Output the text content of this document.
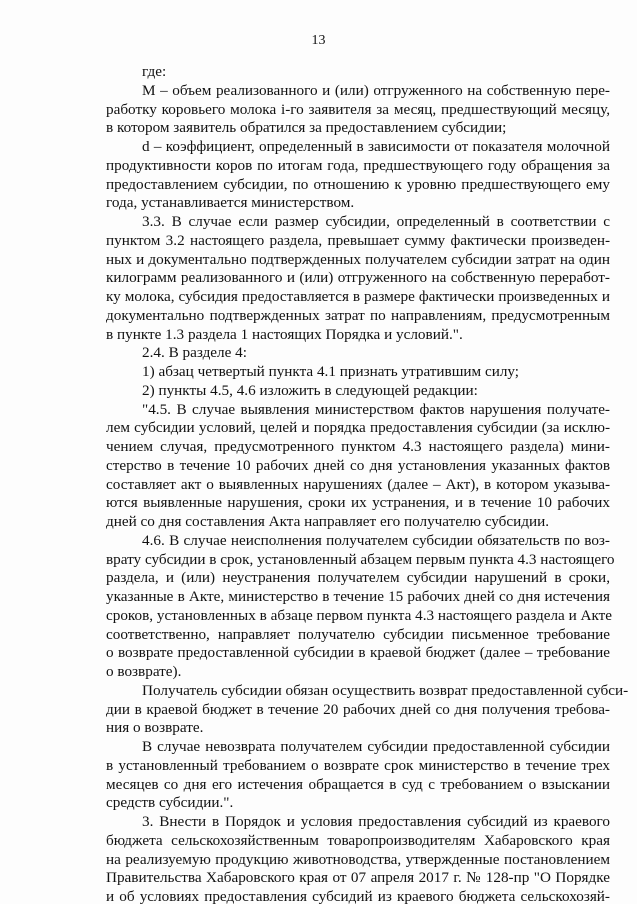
13
где:
M – объем реализованного и (или) отгруженного на собственную пере-
работку коровьего молока i-го заявителя за месяц, предшествующий месяцу,
в котором заявитель обратился за предоставлением субсидии;
d – коэффициент, определенный в зависимости от показателя молочной
продуктивности коров по итогам года, предшествующего году обращения за
предоставлением субсидии, по отношению к уровню предшествующего ему
года, устанавливается министерством.
3.3. В случае если размер субсидии, определенный в соответствии с
пунктом 3.2 настоящего раздела, превышает сумму фактически произведен-
ных и документально подтвержденных получателем субсидии затрат на один
килограмм реализованного и (или) отгруженного на собственную переработ-
ку молока, субсидия предоставляется в размере фактически произведенных и
документально подтвержденных затрат по направлениям, предусмотренным
в пункте 1.3 раздела 1 настоящих Порядка и условий.".
2.4. В разделе 4:
1) абзац четвертый пункта 4.1 признать утратившим силу;
2) пункты 4.5, 4.6 изложить в следующей редакции:
"4.5. В случае выявления министерством фактов нарушения получате-
лем субсидии условий, целей и порядка предоставления субсидии (за исклю-
чением случая, предусмотренного пунктом 4.3 настоящего раздела) мини-
стерство в течение 10 рабочих дней со дня установления указанных фактов
составляет акт о выявленных нарушениях (далее – Акт), в котором указыва-
ются выявленные нарушения, сроки их устранения, и в течение 10 рабочих
дней со дня составления Акта направляет его получателю субсидии.
4.6. В случае неисполнения получателем субсидии обязательств по воз-
врату субсидии в срок, установленный абзацем первым пункта 4.3 настоящего
раздела, и (или) неустранения получателем субсидии нарушений в сроки,
указанные в Акте, министерство в течение 15 рабочих дней со дня истечения
сроков, установленных в абзаце первом пункта 4.3 настоящего раздела и Акте
соответственно, направляет получателю субсидии письменное требование
о возврате предоставленной субсидии в краевой бюджет (далее – требование
о возврате).
Получатель субсидии обязан осуществить возврат предоставленной субси-
дии в краевой бюджет в течение 20 рабочих дней со дня получения требова-
ния о возврате.
В случае невозврата получателем субсидии предоставленной субсидии
в установленный требованием о возврате срок министерство в течение трех
месяцев со дня его истечения обращается в суд с требованием о взыскании
средств субсидии.".
3. Внести в Порядок и условия предоставления субсидий из краевого
бюджета сельскохозяйственным товаропроизводителям Хабаровского края
на реализуемую продукцию животноводства, утвержденные постановлением
Правительства Хабаровского края от 07 апреля 2017 г. № 128-пр "О Порядке
и об условиях предоставления субсидий из краевого бюджета сельскохозяй-
